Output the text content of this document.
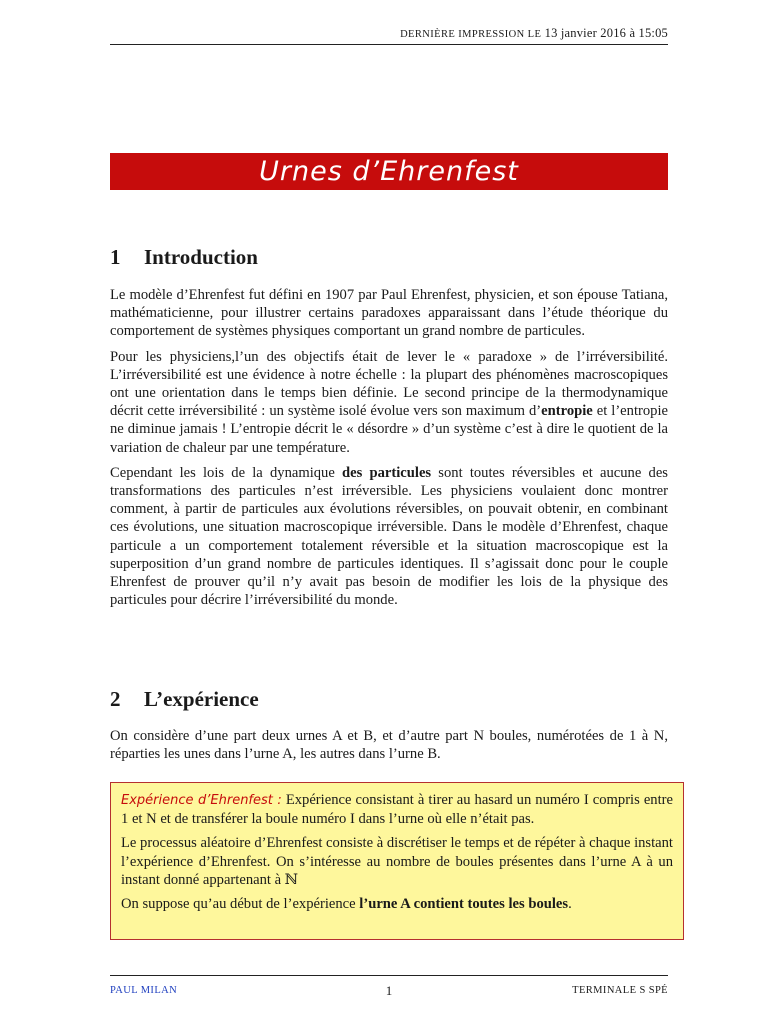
DERNIÈRE IMPRESSION LE 13 janvier 2016 à 15:05
Urnes d’Ehrenfest
1 Introduction

Le modèle d’Ehrenfest fut défini en 1907 par Paul Ehrenfest, physicien, et son épouse Tatiana, mathématicienne, pour illustrer certains paradoxes apparaissant dans l’étude théorique du comportement de systèmes physiques comportant un grand nombre de particules.

Pour les physiciens,l’un des objectifs était de lever le « paradoxe » de l’irréversibilité. L’irréversibilité est une évidence à notre échelle : la plupart des phénomènes macroscopiques ont une orientation dans le temps bien définie. Le second principe de la thermodynamique décrit cette irréversibilité : un système isolé évolue vers son maximum d’entropie et l’entropie ne diminue jamais ! L’entropie décrit le « désordre » d’un système c’est à dire le quotient de la variation de chaleur par une température.

Cependant les lois de la dynamique des particules sont toutes réversibles et aucune des transformations des particules n’est irréversible. Les physiciens voulaient donc montrer comment, à partir de particules aux évolutions réversibles, on pouvait obtenir, en combinant ces évolutions, une situation macroscopique irréversible. Dans le modèle d’Ehrenfest, chaque particule a un comportement totalement réversible et la situation macroscopique est la superposition d’un grand nombre de particules identiques. Il s’agissait donc pour le couple Ehrenfest de prouver qu’il n’y avait pas besoin de modifier les lois de la physique des particules pour décrire l’irréversibilité du monde.

2 L’expérience

On considère d’une part deux urnes A et B, et d’autre part N boules, numérotées de 1 à N, réparties les unes dans l’urne A, les autres dans l’urne B.

Expérience d’Ehrenfest : Expérience consistant à tirer au hasard un numéro I compris entre 1 et N et de transférer la boule numéro I dans l’urne où elle n’était pas.

Le processus aléatoire d’Ehrenfest consiste à discrétiser le temps et de répéter à chaque instant l’expérience d’Ehrenfest. On s’intéresse au nombre de boules présentes dans l’urne A à un instant donné appartenant à ℕ

On suppose qu’au début de l’expérience l’urne A contient toutes les boules.

PAUL MILAN	1	TERMINALE S SPÉ
